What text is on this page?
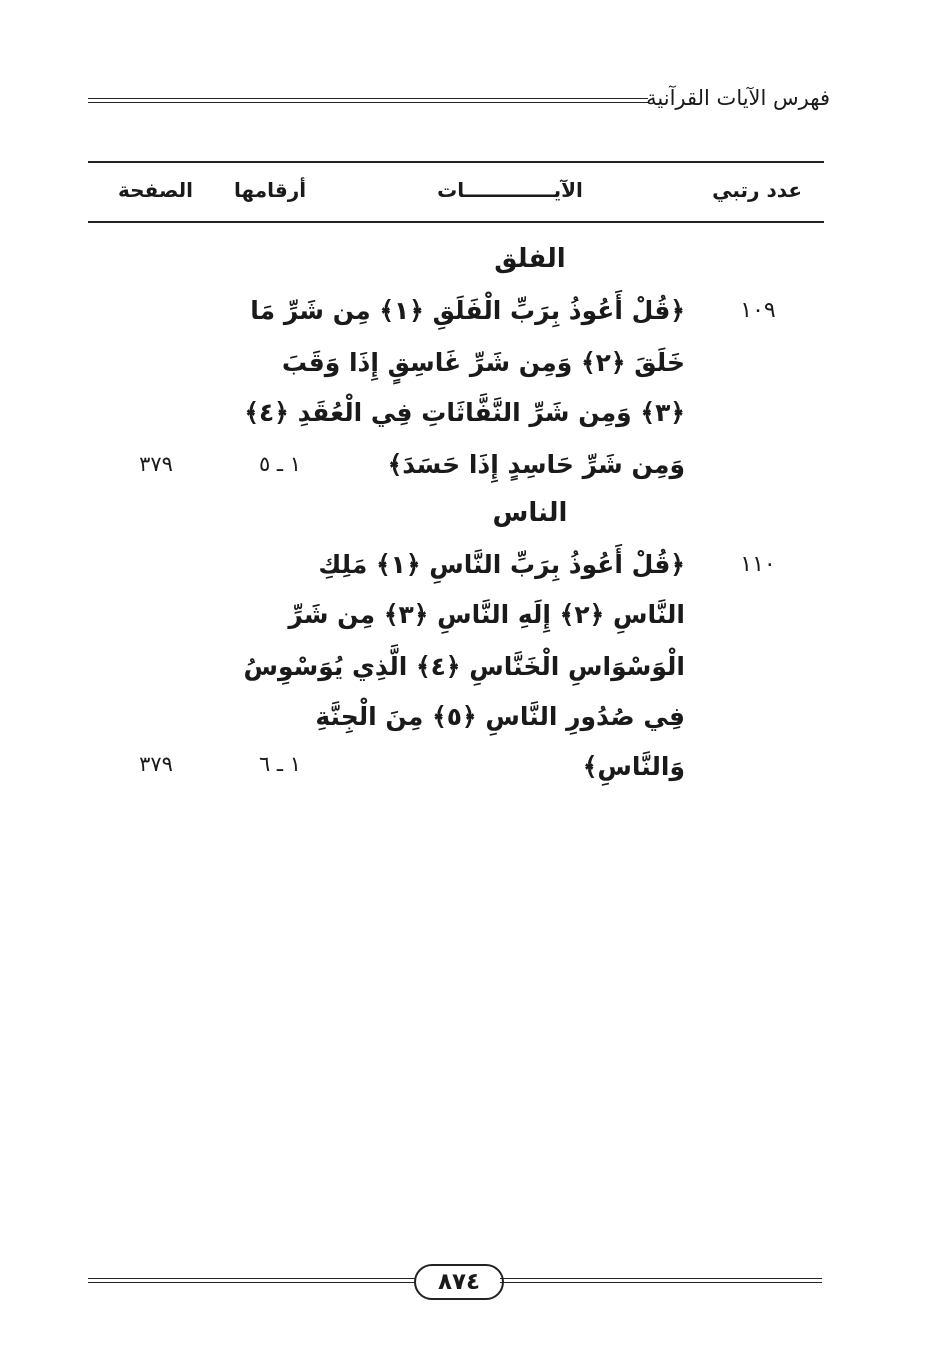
فهرس الآيات القرآنية
عدد رتبي
الآيـــــــــــــات
أرقامها
الصفحة
الفلق
١٠٩
﴿قُلْ أَعُوذُ بِرَبِّ الْفَلَقِ ﴿١﴾ مِن شَرِّ مَا
خَلَقَ ﴿٢﴾ وَمِن شَرِّ غَاسِقٍ إِذَا وَقَبَ
﴿٣﴾ وَمِن شَرِّ النَّفَّاثَاتِ فِي الْعُقَدِ ﴿٤﴾
وَمِن شَرِّ حَاسِدٍ إِذَا حَسَدَ﴾
١ ـ ٥
٣٧٩
الناس
١١٠
﴿قُلْ أَعُوذُ بِرَبِّ النَّاسِ ﴿١﴾ مَلِكِ
النَّاسِ ﴿٢﴾ إِلَهِ النَّاسِ ﴿٣﴾ مِن شَرِّ
الْوَسْوَاسِ الْخَنَّاسِ ﴿٤﴾ الَّذِي يُوَسْوِسُ
فِي صُدُورِ النَّاسِ ﴿٥﴾ مِنَ الْجِنَّةِ
وَالنَّاسِ﴾
١ ـ ٦
٣٧٩
٨٧٤
